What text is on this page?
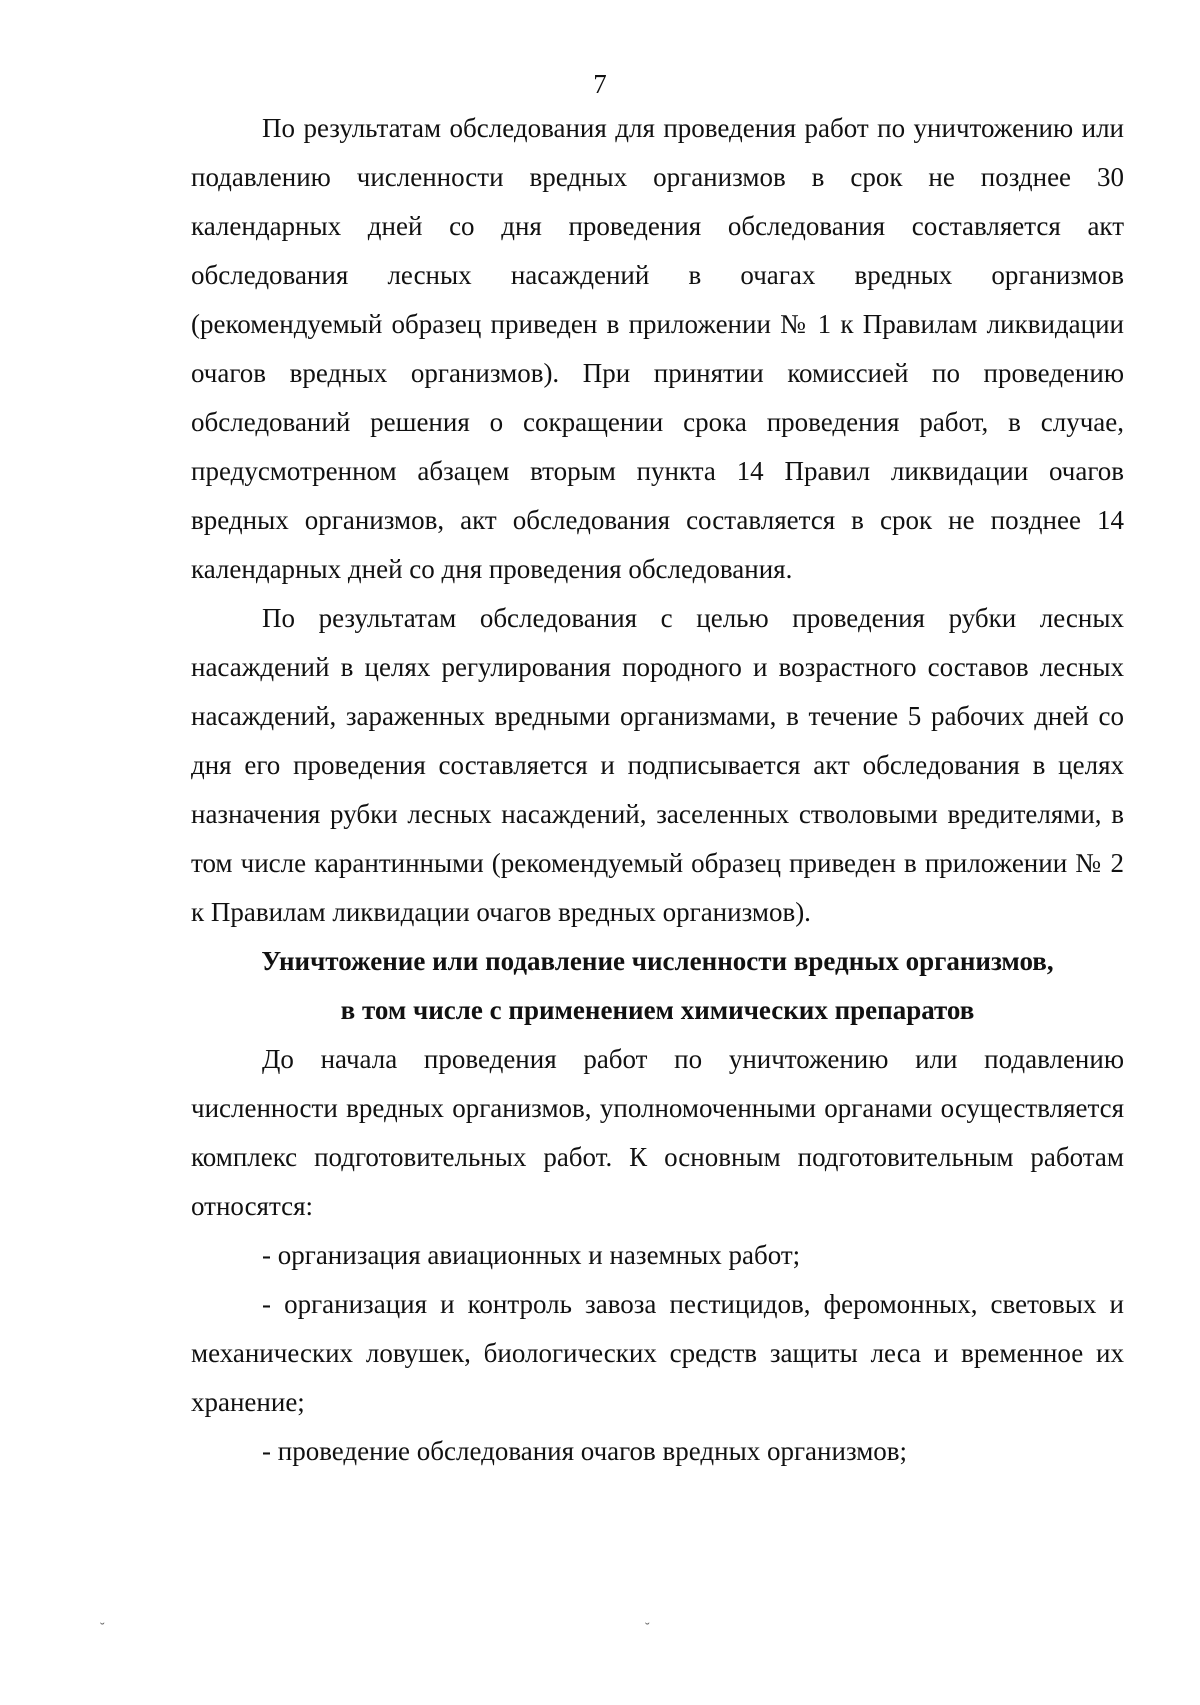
7

По результатам обследования для проведения работ по уничтожению или подавлению численности вредных организмов в срок не позднее 30 календарных дней со дня проведения обследования составляется акт обследования лесных насаждений в очагах вредных организмов (рекомендуемый образец приведен в приложении № 1 к Правилам ликвидации очагов вредных организмов). При принятии комиссией по проведению обследований решения о сокращении срока проведения работ, в случае, предусмотренном абзацем вторым пункта 14 Правил ликвидации очагов вредных организмов, акт обследования составляется в срок не позднее 14 календарных дней со дня проведения обследования.

По результатам обследования с целью проведения рубки лесных насаждений в целях регулирования породного и возрастного составов лесных насаждений, зараженных вредными организмами, в течение 5 рабочих дней со дня его проведения составляется и подписывается акт обследования в целях назначения рубки лесных насаждений, заселенных стволовыми вредителями, в том числе карантинными (рекомендуемый образец приведен в приложении № 2 к Правилам ликвидации очагов вредных организмов).

Уничтожение или подавление численности вредных организмов,
в том числе с применением химических препаратов

До начала проведения работ по уничтожению или подавлению численности вредных организмов, уполномоченными органами осуществляется комплекс подготовительных работ. К основным подготовительным работам относятся:

- организация авиационных и наземных работ;

- организация и контроль завоза пестицидов, феромонных, световых и механических ловушек, биологических средств защиты леса и временное их хранение;

- проведение обследования очагов вредных организмов;

˘	˘
